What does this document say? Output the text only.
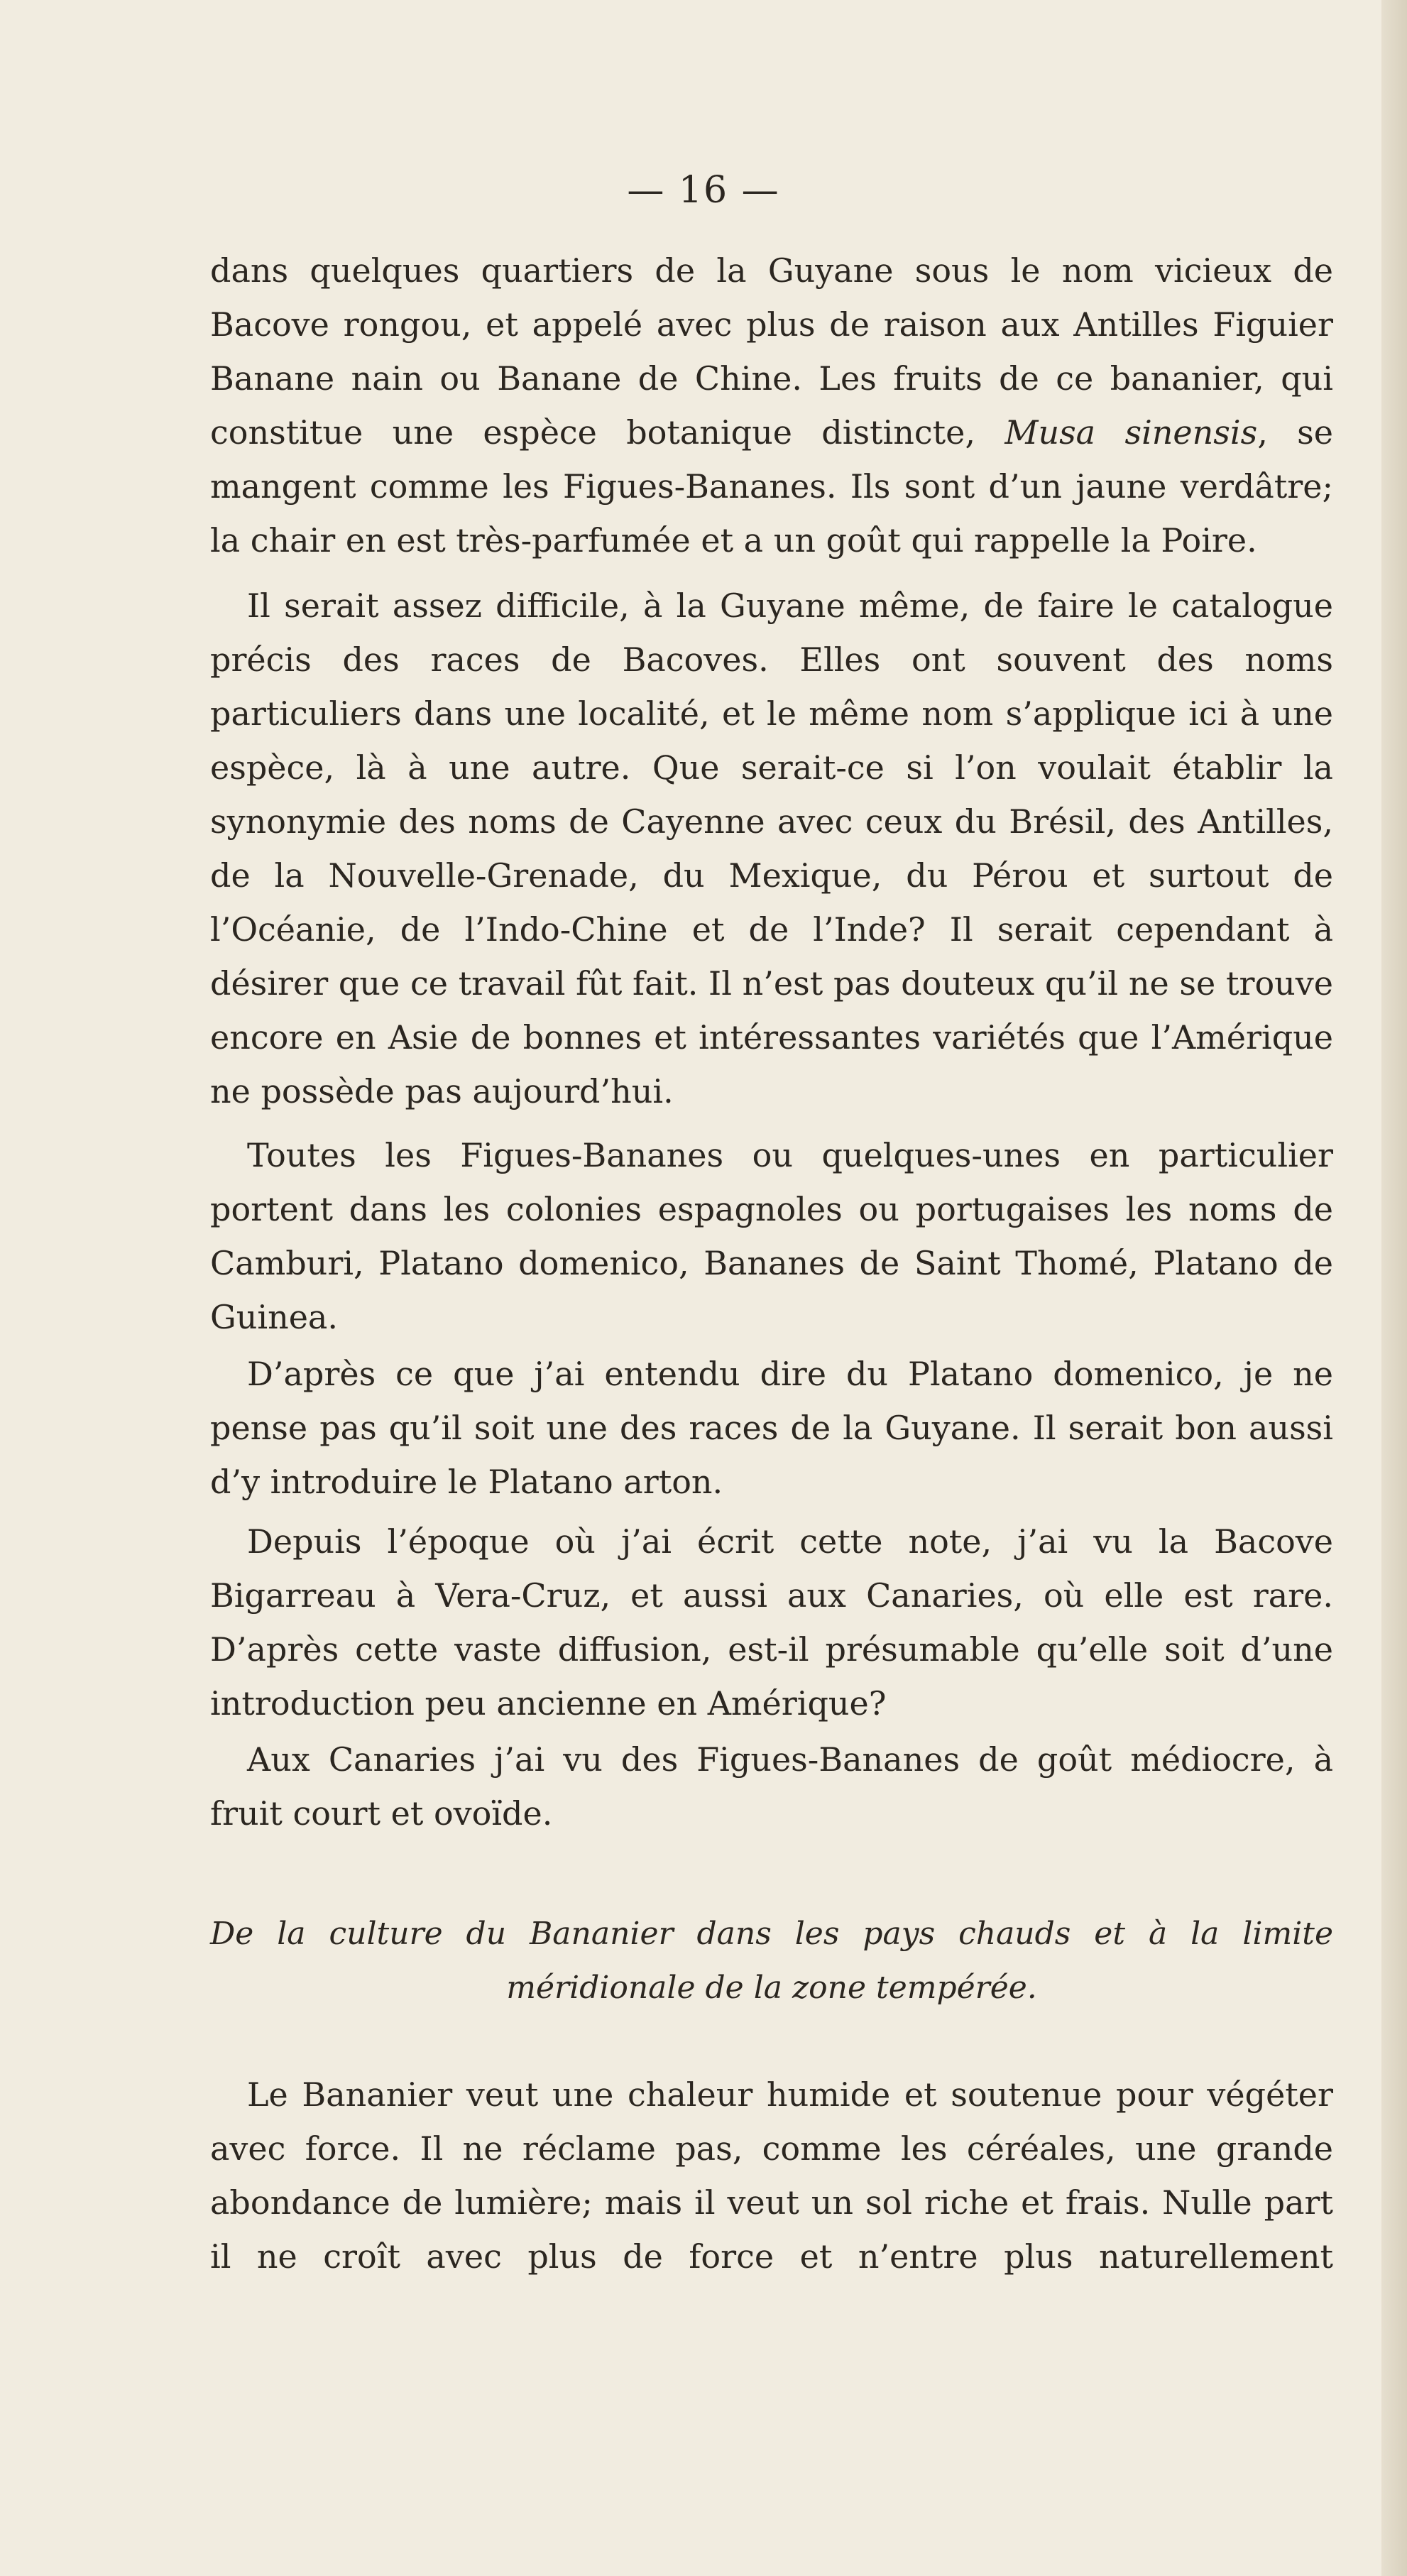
— 16 —

dans quelques quartiers de la Guyane sous le nom vicieux de Bacove rongou, et appelé avec plus de raison aux Antilles Figuier Banane nain ou Banane de Chine. Les fruits de ce bananier, qui constitue une espèce botanique distincte, Musa sinensis, se mangent comme les Figues-Bananes. Ils sont d’un jaune verdâtre; la chair en est très-parfumée et a un goût qui rappelle la Poire.

Il serait assez difficile, à la Guyane même, de faire le catalogue précis des races de Bacoves. Elles ont souvent des noms particuliers dans une localité, et le même nom s’applique ici à une espèce, là à une autre. Que serait-ce si l’on voulait établir la synonymie des noms de Cayenne avec ceux du Brésil, des Antilles, de la Nouvelle-Grenade, du Mexique, du Pérou et surtout de l’Océanie, de l’Indo-Chine et de l’Inde? Il serait cependant à désirer que ce travail fût fait. Il n’est pas douteux qu’il ne se trouve encore en Asie de bonnes et intéressantes variétés que l’Amérique ne possède pas aujourd’hui.

Toutes les Figues-Bananes ou quelques-unes en particulier portent dans les colonies espagnoles ou portugaises les noms de Camburi, Platano domenico, Bananes de Saint Thomé, Platano de Guinea.

D’après ce que j’ai entendu dire du Platano domenico, je ne pense pas qu’il soit une des races de la Guyane. Il serait bon aussi d’y introduire le Platano arton.

Depuis l’époque où j’ai écrit cette note, j’ai vu la Bacove Bigarreau à Vera-Cruz, et aussi aux Canaries, où elle est rare. D’après cette vaste diffusion, est-il présumable qu’elle soit d’une introduction peu ancienne en Amérique?

Aux Canaries j’ai vu des Figues-Bananes de goût médiocre, à fruit court et ovoïde.

Le Bananier veut une chaleur humide et soutenue pour végéter avec force. Il ne réclame pas, comme les céréales, une grande abondance de lumière; mais il veut un sol riche et frais. Nulle part il ne croît avec plus de force et n’entre plus naturellement

De la culture du Bananier dans les pays chauds et à la limite méridionale de la zone tempérée.
